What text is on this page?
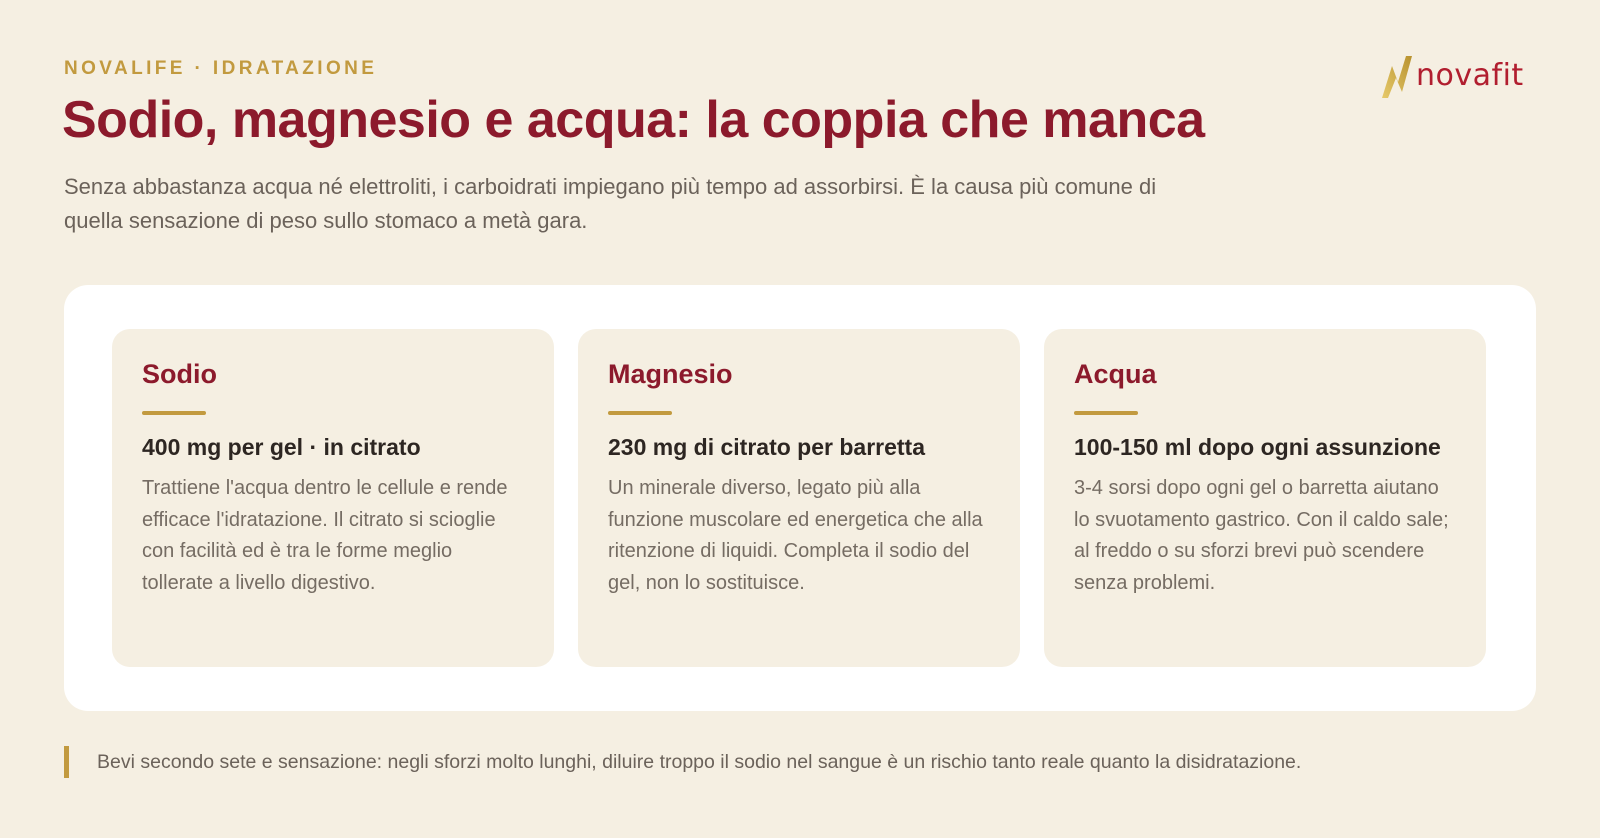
NOVALIFE · IDRATAZIONE	novafit
Sodio, magnesio e acqua: la coppia che manca

Senza abbastanza acqua né elettroliti, i carboidrati impiegano più tempo ad assorbirsi. È la causa più comune di quella sensazione di peso sullo stomaco a metà gara.

Sodio
400 mg per gel · in citrato
Trattiene l'acqua dentro le cellule e rende efficace l'idratazione. Il citrato si scioglie con facilità ed è tra le forme meglio tollerate a livello digestivo.
Magnesio
230 mg di citrato per barretta
Un minerale diverso, legato più alla funzione muscolare ed energetica che alla ritenzione di liquidi. Completa il sodio del gel, non lo sostituisce.
Acqua
100-150 ml dopo ogni assunzione
3-4 sorsi dopo ogni gel o barretta aiutano lo svuotamento gastrico. Con il caldo sale; al freddo o su sforzi brevi può scendere senza problemi.
Bevi secondo sete e sensazione: negli sforzi molto lunghi, diluire troppo il sodio nel sangue è un rischio tanto reale quanto la disidratazione.
